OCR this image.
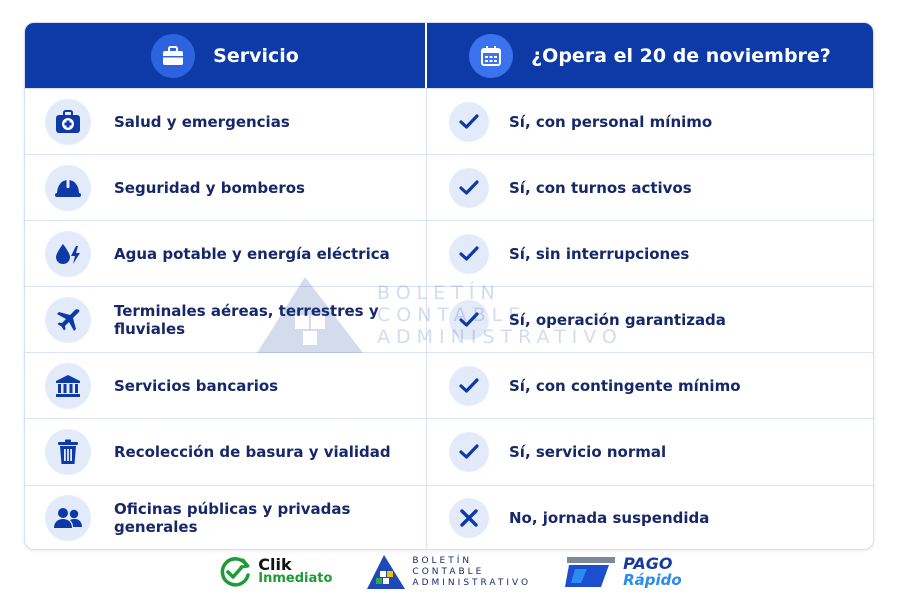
Servicio	¿Opera el 20 de noviembre?
Salud y emergencias	Sí, con personal mínimo
Seguridad y bomberos	Sí, con turnos activos
Agua potable y energía eléctrica	Sí, sin interrupciones
Terminales aéreas, terrestres y fluviales	Sí, operación garantizada
Servicios bancarios	Sí, con contingente mínimo
Recolección de basura y vialidad	Sí, servicio normal
Oficinas públicas y privadas generales	No, jornada suspendida
Clik
Inmediato
BOLETÍN
CONTABLE
ADMINISTRATIVO
PAGO
Rápido
